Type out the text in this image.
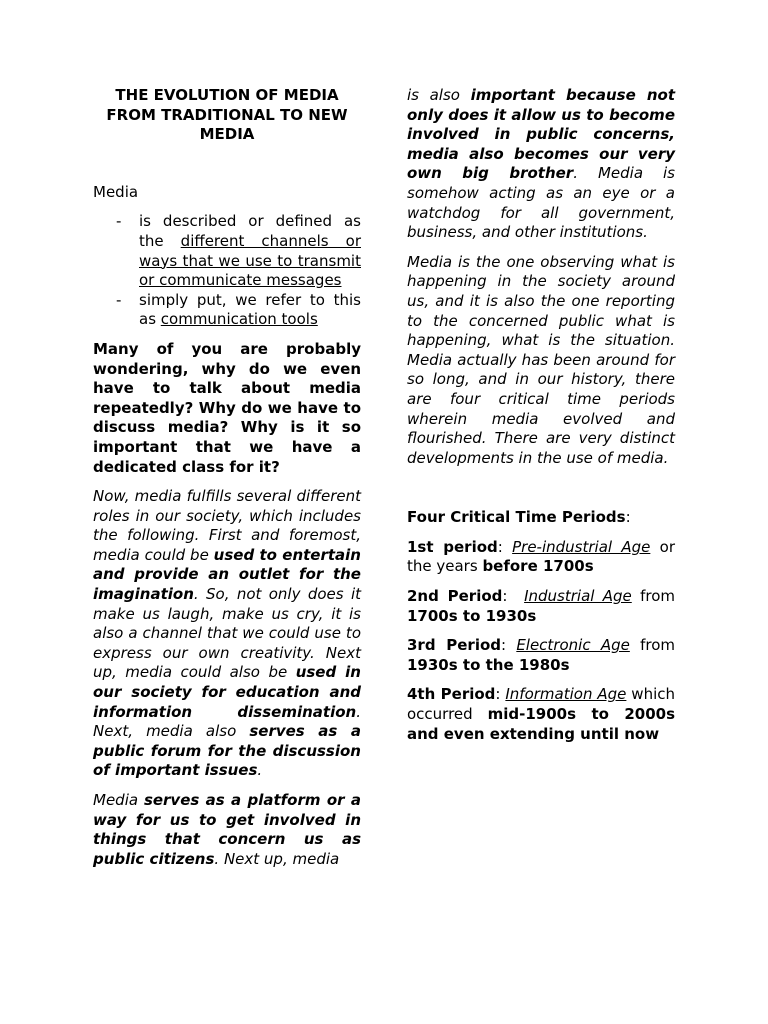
THE EVOLUTION OF MEDIA FROM TRADITIONAL TO NEW MEDIA
Media
- is described or defined as the different channels or ways that we use to transmit or communicate messages
- simply put, we refer to this as communication tools

Many of you are probably wondering, why do we even have to talk about media repeatedly? Why do we have to discuss media? Why is it so important that we have a dedicated class for it?

Now, media fulfills several different roles in our society, which includes the following. First and foremost, media could be used to entertain and provide an outlet for the imagination. So, not only does it make us laugh, make us cry, it is also a channel that we could use to express our own creativity. Next up, media could also be used in our society for education and information dissemination. Next, media also serves as a public forum for the discussion of important issues.

Media serves as a platform or a way for us to get involved in things that concern us as public citizens. Next up, media

is also important because not only does it allow us to become involved in public concerns, media also becomes our very own big brother. Media is somehow acting as an eye or a watchdog for all government, business, and other institutions.

Media is the one observing what is happening in the society around us, and it is also the one reporting to the concerned public what is happening, what is the situation. Media actually has been around for so long, and in our history, there are four critical time periods wherein media evolved and flourished. There are very distinct developments in the use of media.

Four Critical Time Periods:

1st period: Pre-industrial Age or the years before 1700s

2nd Period:  Industrial Age from 1700s to 1930s

3rd Period: Electronic Age from 1930s to the 1980s

4th Period: Information Age which occurred mid-1900s to 2000s and even extending until now
